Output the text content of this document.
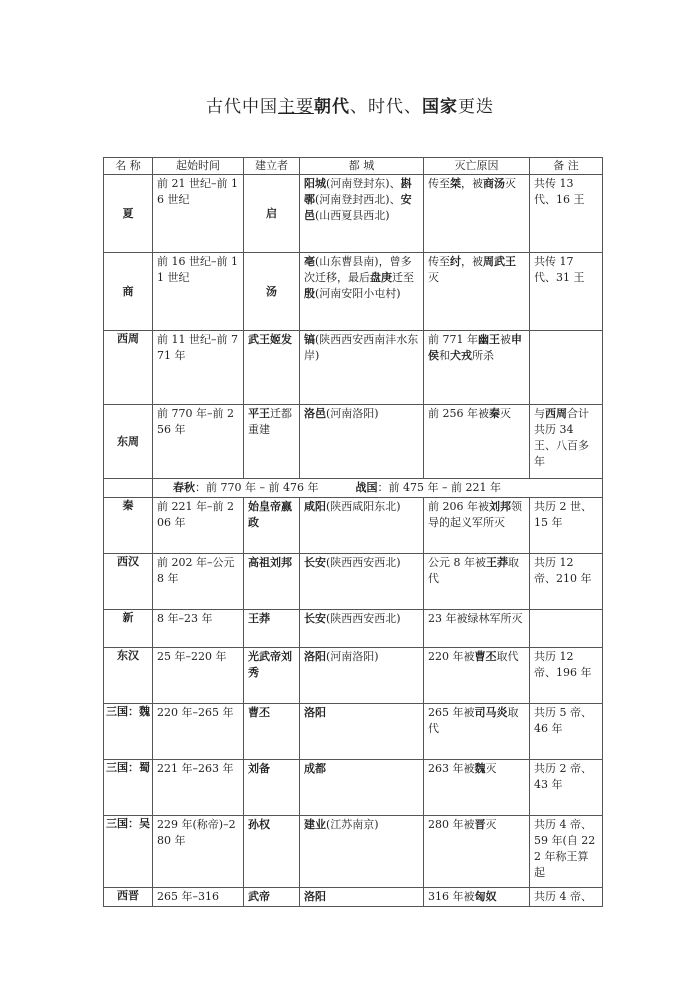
古代中国主要朝代、时代、国家更迭
名 称	起始时间	建立者	都 城	灭亡原因	备 注
夏	前 21 世纪–前 16 世纪	启	阳城(河南登封东)、斟鄩(河南登封西北)、安邑(山西夏县西北)	传至桀，被商汤灭	共传 13 代、16 王
商	前 16 世纪–前 11 世纪	汤	亳(山东曹县南)，曾多次迁移，最后盘庚迁至殷(河南安阳小屯村)	传至纣，被周武王灭	共传 17 代、31 王
西周	前 11 世纪–前 771 年	武王姬发	镐(陕西西安西南沣水东岸)	前 771 年幽王被申侯和犬戎所杀	
东周	前 770 年–前 256 年	平王迁都重建	洛邑(河南洛阳)	前 256 年被秦灭	与西周合计共历 34 王、八百多年
	春秋：前 770 年 – 前 476 年 战国：前 475 年 – 前 221 年				
秦	前 221 年–前 206 年	始皇帝嬴政	咸阳(陕西咸阳东北)	前 206 年被刘邦领导的起义军所灭	共历 2 世、15 年
西汉	前 202 年–公元 8 年	高祖刘邦	长安(陕西西安西北)	公元 8 年被王莽取代	共历 12 帝、210 年
新	8 年–23 年	王莽	长安(陕西西安西北)	23 年被绿林军所灭	
东汉	25 年–220 年	光武帝刘秀	洛阳(河南洛阳)	220 年被曹丕取代	共历 12 帝、196 年
三国：魏	220 年–265 年	曹丕	洛阳	265 年被司马炎取代	共历 5 帝、46 年
三国：蜀	221 年–263 年	刘备	成都	263 年被魏灭	共历 2 帝、43 年
三国：吴	229 年(称帝)–280 年	孙权	建业(江苏南京)	280 年被晋灭	共历 4 帝、59 年(自 222 年称王算起
西晋	265 年–316	武帝	洛阳	316 年被匈奴	共历 4 帝、
